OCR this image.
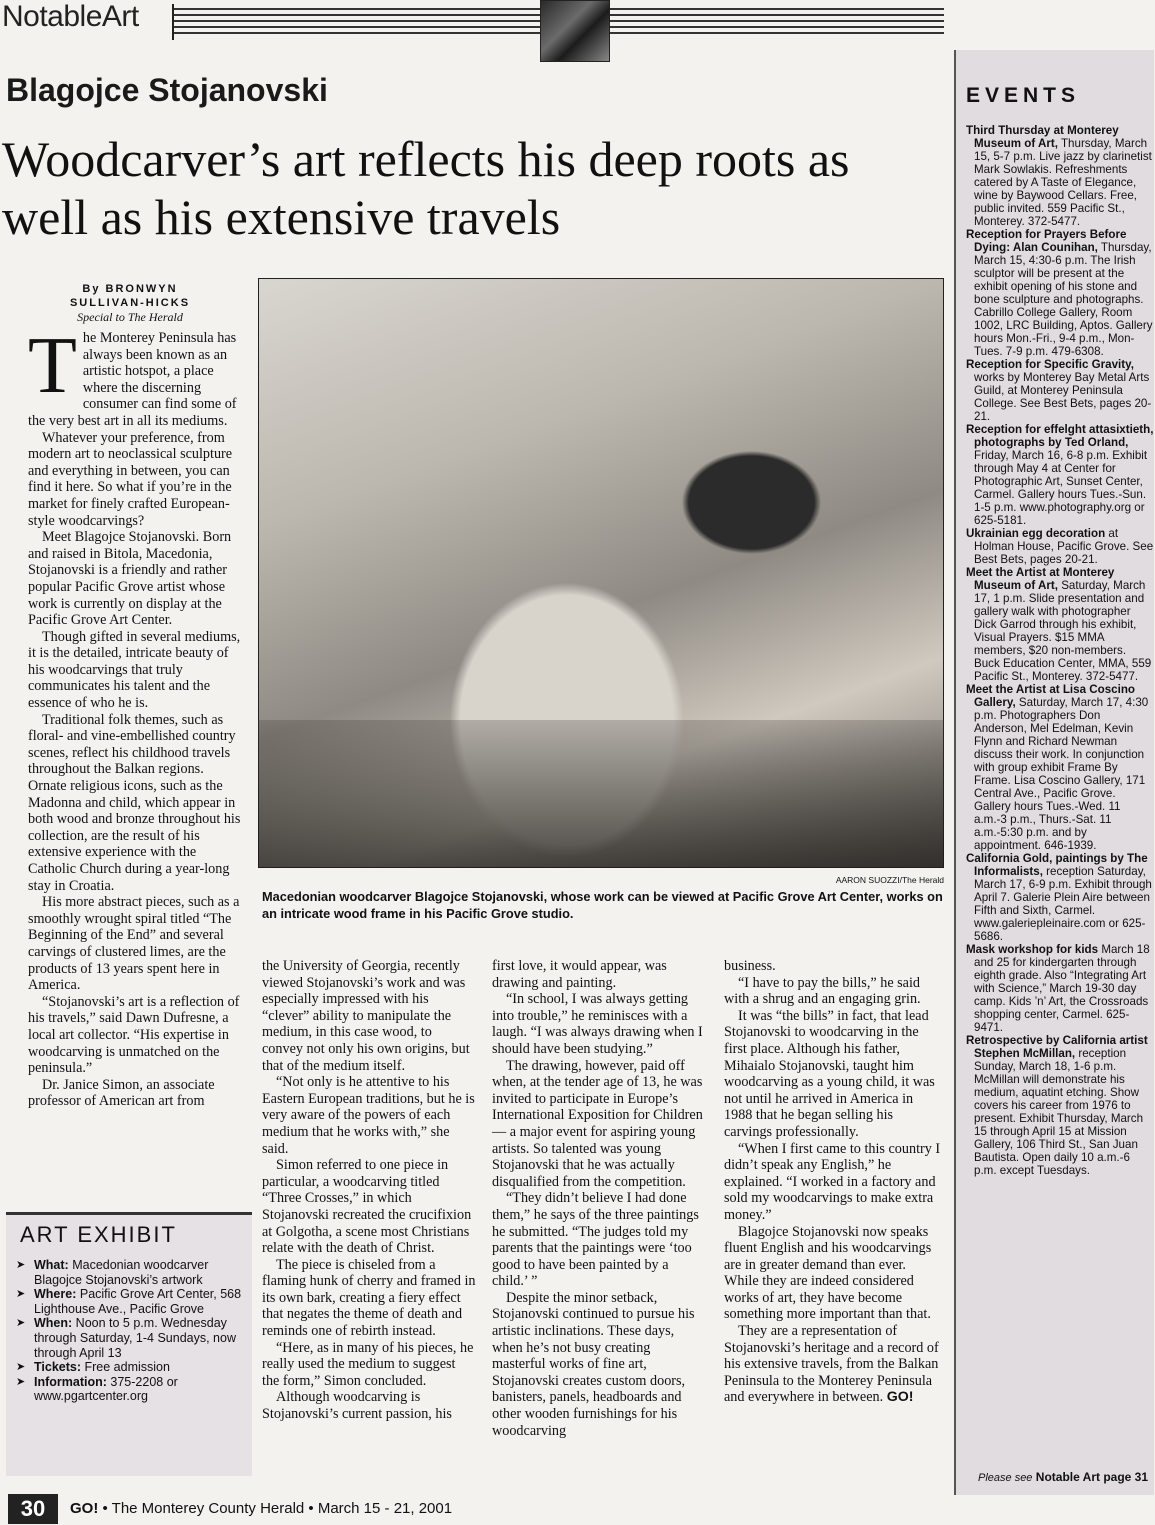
NotableArt
Blagojce Stojanovski
Woodcarver’s art reflects his deep roots as well as his extensive travels
By BRONWYN
SULLIVAN-HICKS
Special to The Herald
T he Monterey Peninsula has always been known as an artistic hotspot, a place where the discerning consumer can find some of the very best art in all its mediums.

Whatever your preference, from modern art to neoclassical sculpture and everything in between, you can find it here. So what if you’re in the market for finely crafted European-style woodcarvings?

Meet Blagojce Stojanovski. Born and raised in Bitola, Macedonia, Stojanovski is a friendly and rather popular Pacific Grove artist whose work is currently on display at the Pacific Grove Art Center.

Though gifted in several mediums, it is the detailed, intricate beauty of his woodcarvings that truly communicates his talent and the essence of who he is.

Traditional folk themes, such as floral- and vine-embellished country scenes, reflect his childhood travels throughout the Balkan regions. Ornate religious icons, such as the Madonna and child, which appear in both wood and bronze throughout his collection, are the result of his extensive experience with the Catholic Church during a year-long stay in Croatia.

His more abstract pieces, such as a smoothly wrought spiral titled “The Beginning of the End” and several carvings of clustered limes, are the products of 13 years spent here in America.

“Stojanovski’s art is a reflection of his travels,” said Dawn Dufresne, a local art collector. “His expertise in woodcarving is unmatched on the peninsula.”

Dr. Janice Simon, an associate professor of American art from

AARON SUOZZI/The Herald
Macedonian woodcarver Blagojce Stojanovski, whose work can be viewed at Pacific Grove Art Center, works on an intricate wood frame in his Pacific Grove studio.

the University of Georgia, recently viewed Stojanovski’s work and was especially impressed with his “clever” ability to manipulate the medium, in this case wood, to convey not only his own origins, but that of the medium itself.

“Not only is he attentive to his Eastern European traditions, but he is very aware of the powers of each medium that he works with,” she said.

Simon referred to one piece in particular, a woodcarving titled “Three Crosses,” in which Stojanovski recreated the crucifixion at Golgotha, a scene most Christians relate with the death of Christ.

The piece is chiseled from a flaming hunk of cherry and framed in its own bark, creating a fiery effect that negates the theme of death and reminds one of rebirth instead.

“Here, as in many of his pieces, he really used the medium to suggest the form,” Simon concluded.

Although woodcarving is Stojanovski’s current passion, his

first love, it would appear, was drawing and painting.

“In school, I was always getting into trouble,” he reminisces with a laugh. “I was always drawing when I should have been studying.”

The drawing, however, paid off when, at the tender age of 13, he was invited to participate in Europe’s International Exposition for Children — a major event for aspiring young artists. So talented was young Stojanovski that he was actually disqualified from the competition.

“They didn’t believe I had done them,” he says of the three paintings he submitted. “The judges told my parents that the paintings were ‘too good to have been painted by a child.’ ”

Despite the minor setback, Stojanovski continued to pursue his artistic inclinations. These days, when he’s not busy creating masterful works of fine art, Stojanovski creates custom doors, banisters, panels, headboards and other wooden furnishings for his woodcarving

business.

“I have to pay the bills,” he said with a shrug and an engaging grin.

It was “the bills” in fact, that lead Stojanovski to woodcarving in the first place. Although his father, Mihaialo Stojanovski, taught him woodcarving as a young child, it was not until he arrived in America in 1988 that he began selling his carvings professionally.

“When I first came to this country I didn’t speak any English,” he explained. “I worked in a factory and sold my woodcarvings to make extra money.”

Blagojce Stojanovski now speaks fluent English and his woodcarvings are in greater demand than ever. While they are indeed considered works of art, they have become something more important than that.

They are a representation of Stojanovski’s heritage and a record of his extensive travels, from the Balkan Peninsula to the Monterey Peninsula and everywhere in between. GO!

ART EXHIBIT
➤ What: Macedonian woodcarver Blagojce Stojanovski’s artwork
➤ Where: Pacific Grove Art Center, 568 Lighthouse Ave., Pacific Grove
➤ When: Noon to 5 p.m. Wednesday through Saturday, 1-4 Sundays, now through April 13
➤ Tickets: Free admission
➤ Information: 375-2208 or www.pgartcenter.org
EVENTS
Third Thursday at Monterey Museum of Art, Thursday, March 15, 5-7 p.m. Live jazz by clarinetist Mark Sowlakis. Refreshments catered by A Taste of Elegance, wine by Baywood Cellars. Free, public invited. 559 Pacific St., Monterey. 372-5477.
Reception for Prayers Before Dying: Alan Counihan, Thursday, March 15, 4:30-6 p.m. The Irish sculptor will be present at the exhibit opening of his stone and bone sculpture and photographs. Cabrillo College Gallery, Room 1002, LRC Building, Aptos. Gallery hours Mon.-Fri., 9-4 p.m., Mon-Tues. 7-9 p.m. 479-6308.
Reception for Specific Gravity, works by Monterey Bay Metal Arts Guild, at Monterey Peninsula College. See Best Bets, pages 20-21.
Reception for effelght attasixtieth, photographs by Ted Orland, Friday, March 16, 6-8 p.m. Exhibit through May 4 at Center for Photographic Art, Sunset Center, Carmel. Gallery hours Tues.-Sun. 1-5 p.m. www.photography.org or 625-5181.
Ukrainian egg decoration at Holman House, Pacific Grove. See Best Bets, pages 20-21.
Meet the Artist at Monterey Museum of Art, Saturday, March 17, 1 p.m. Slide presentation and gallery walk with photographer Dick Garrod through his exhibit, Visual Prayers. $15 MMA members, $20 non-members. Buck Education Center, MMA, 559 Pacific St., Monterey. 372-5477.
Meet the Artist at Lisa Coscino Gallery, Saturday, March 17, 4:30 p.m. Photographers Don Anderson, Mel Edelman, Kevin Flynn and Richard Newman discuss their work. In conjunction with group exhibit Frame By Frame. Lisa Coscino Gallery, 171 Central Ave., Pacific Grove. Gallery hours Tues.-Wed. 11 a.m.-3 p.m., Thurs.-Sat. 11 a.m.-5:30 p.m. and by appointment. 646-1939.
California Gold, paintings by The Informalists, reception Saturday, March 17, 6-9 p.m. Exhibit through April 7. Galerie Plein Aire between Fifth and Sixth, Carmel. www.galeriepleinaire.com or 625-5686.
Mask workshop for kids March 18 and 25 for kindergarten through eighth grade. Also “Integrating Art with Science,” March 19-30 day camp. Kids ’n’ Art, the Crossroads shopping center, Carmel. 625-9471.
Retrospective by California artist Stephen McMillan, reception Sunday, March 18, 1-6 p.m. McMillan will demonstrate his medium, aquatint etching. Show covers his career from 1976 to present. Exhibit Thursday, March 15 through April 15 at Mission Gallery, 106 Third St., San Juan Bautista. Open daily 10 a.m.-6 p.m. except Tuesdays.
Please see Notable Art page 31
30	GO! • The Monterey County Herald • March 15 - 21, 2001
